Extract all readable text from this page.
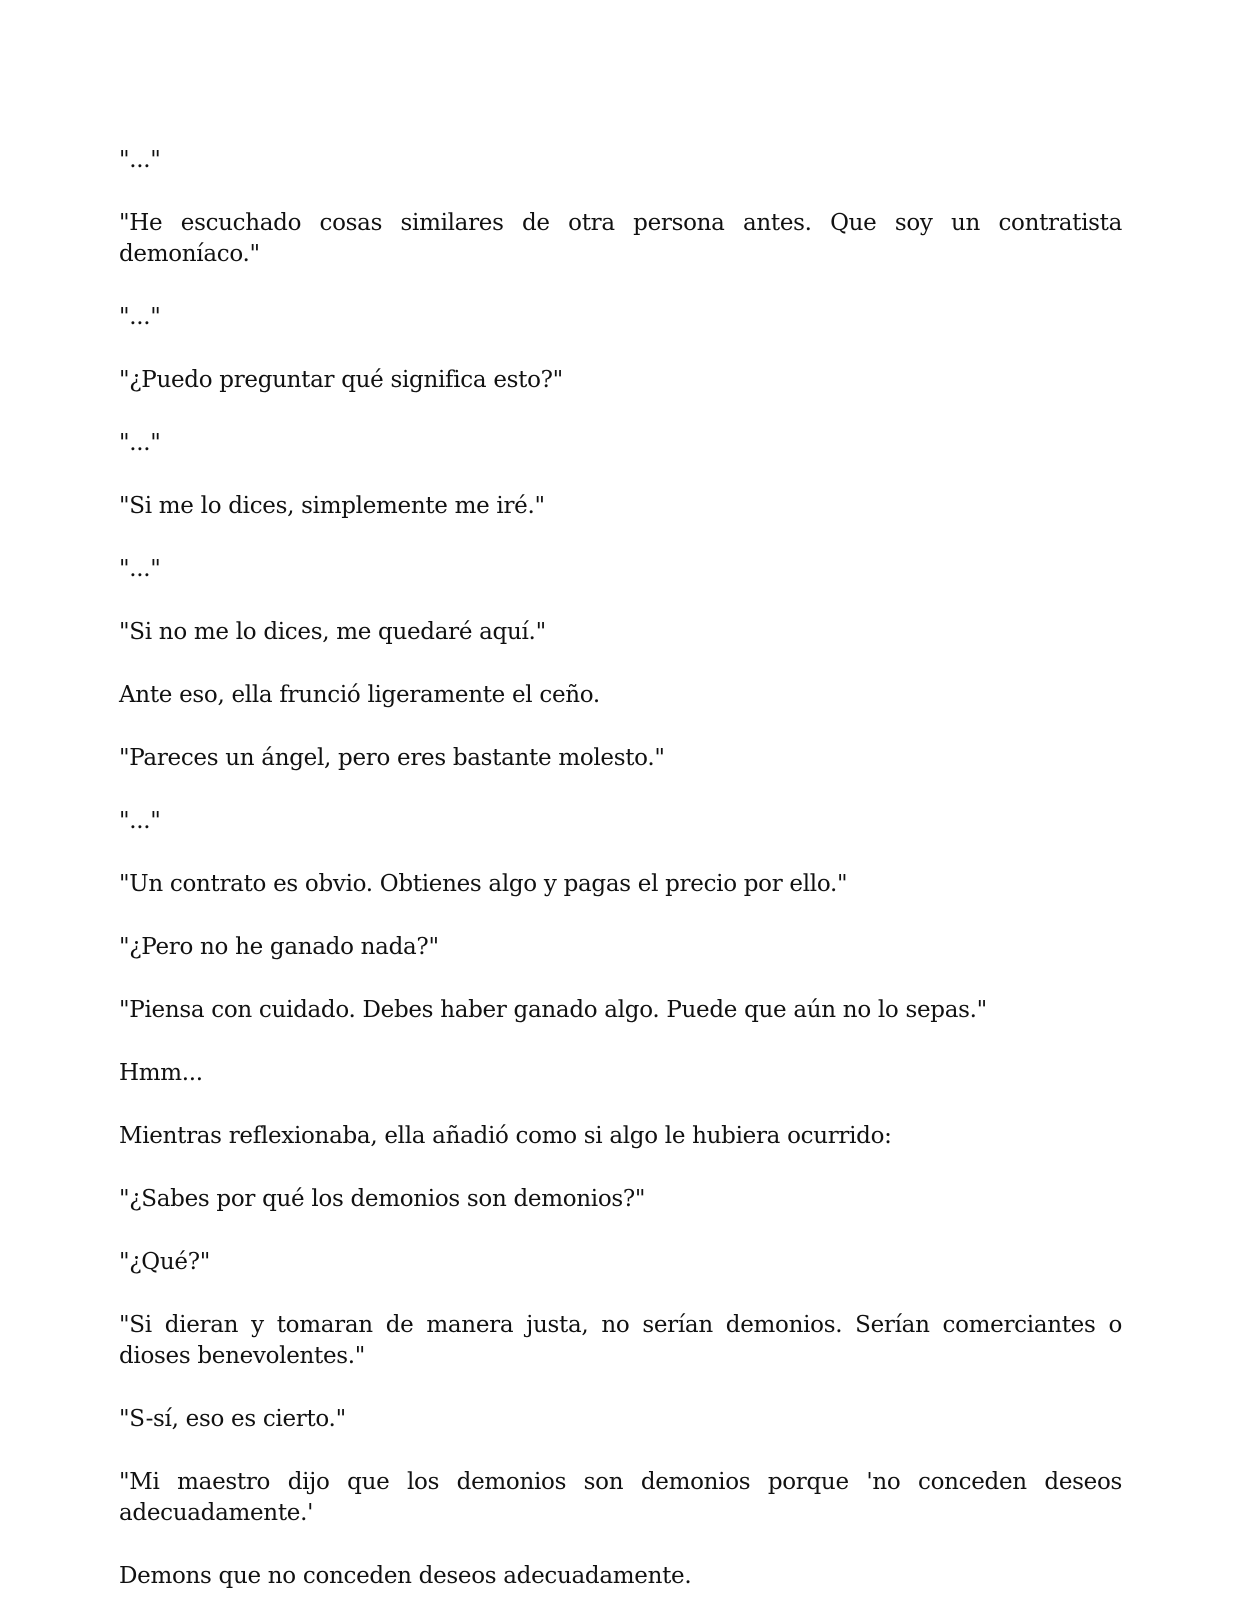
"..."

"He escuchado cosas similares de otra persona antes. Que soy un contratista demoníaco."

"..."

"¿Puedo preguntar qué significa esto?"

"..."

"Si me lo dices, simplemente me iré."

"..."

"Si no me lo dices, me quedaré aquí."

Ante eso, ella frunció ligeramente el ceño.

"Pareces un ángel, pero eres bastante molesto."

"..."

"Un contrato es obvio. Obtienes algo y pagas el precio por ello."

"¿Pero no he ganado nada?"

"Piensa con cuidado. Debes haber ganado algo. Puede que aún no lo sepas."

Hmm...

Mientras reflexionaba, ella añadió como si algo le hubiera ocurrido:

"¿Sabes por qué los demonios son demonios?"

"¿Qué?"

"Si dieran y tomaran de manera justa, no serían demonios. Serían comerciantes o dioses benevolentes."

"S-sí, eso es cierto."

"Mi maestro dijo que los demonios son demonios porque 'no conceden deseos adecuadamente.'

Demons que no conceden deseos adecuadamente.
